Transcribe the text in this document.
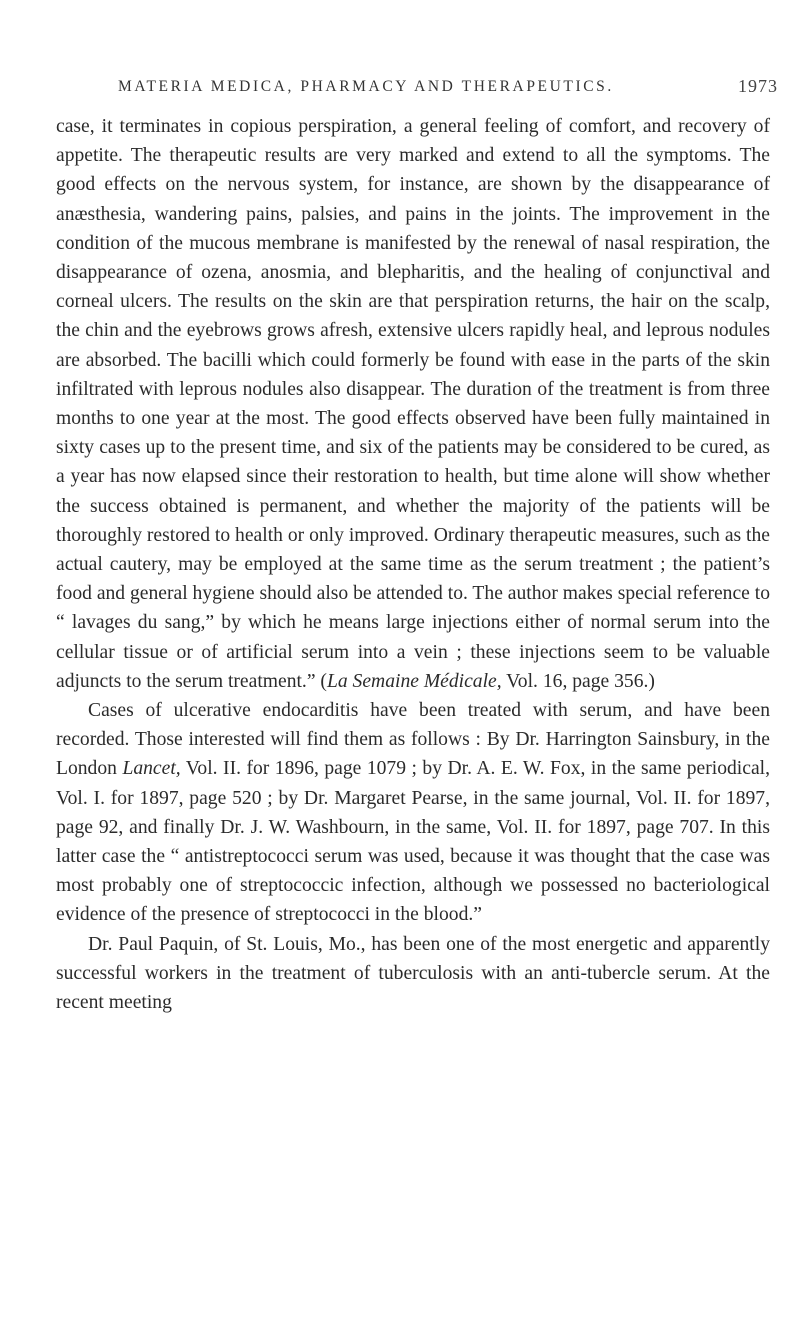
MATERIA MEDICA, PHARMACY AND THERAPEUTICS.	1973

case, it terminates in copious perspiration, a general feeling of comfort, and recovery of appetite. The therapeutic results are very marked and extend to all the symptoms. The good effects on the nervous system, for instance, are shown by the disappearance of anæsthesia, wandering pains, palsies, and pains in the joints. The improvement in the condition of the mucous membrane is manifested by the renewal of nasal respiration, the disappearance of ozena, anosmia, and blepharitis, and the healing of conjunctival and corneal ulcers. The results on the skin are that perspiration returns, the hair on the scalp, the chin and the eyebrows grows afresh, extensive ulcers rapidly heal, and leprous nodules are absorbed. The bacilli which could formerly be found with ease in the parts of the skin infiltrated with leprous nodules also disappear. The duration of the treatment is from three months to one year at the most. The good effects observed have been fully maintained in sixty cases up to the present time, and six of the patients may be considered to be cured, as a year has now elapsed since their restoration to health, but time alone will show whether the success obtained is permanent, and whether the majority of the patients will be thoroughly restored to health or only improved. Ordinary therapeutic measures, such as the actual cautery, may be employed at the same time as the serum treatment ; the patient’s food and general hygiene should also be attended to. The author makes special reference to “ lavages du sang,” by which he means large injections either of normal serum into the cellular tissue or of artificial serum into a vein ; these injections seem to be valuable adjuncts to the serum treatment.” (La Semaine Médicale, Vol. 16, page 356.)

Cases of ulcerative endocarditis have been treated with serum, and have been recorded. Those interested will find them as follows : By Dr. Harrington Sainsbury, in the London Lancet, Vol. II. for 1896, page 1079 ; by Dr. A. E. W. Fox, in the same periodical, Vol. I. for 1897, page 520 ; by Dr. Margaret Pearse, in the same journal, Vol. II. for 1897, page 92, and finally Dr. J. W. Washbourn, in the same, Vol. II. for 1897, page 707. In this latter case the “ antistreptococci serum was used, because it was thought that the case was most probably one of streptococcic infection, although we possessed no bacteriological evidence of the presence of streptococci in the blood.”

Dr. Paul Paquin, of St. Louis, Mo., has been one of the most energetic and apparently successful workers in the treatment of tuberculosis with an anti-tubercle serum. At the recent meeting
